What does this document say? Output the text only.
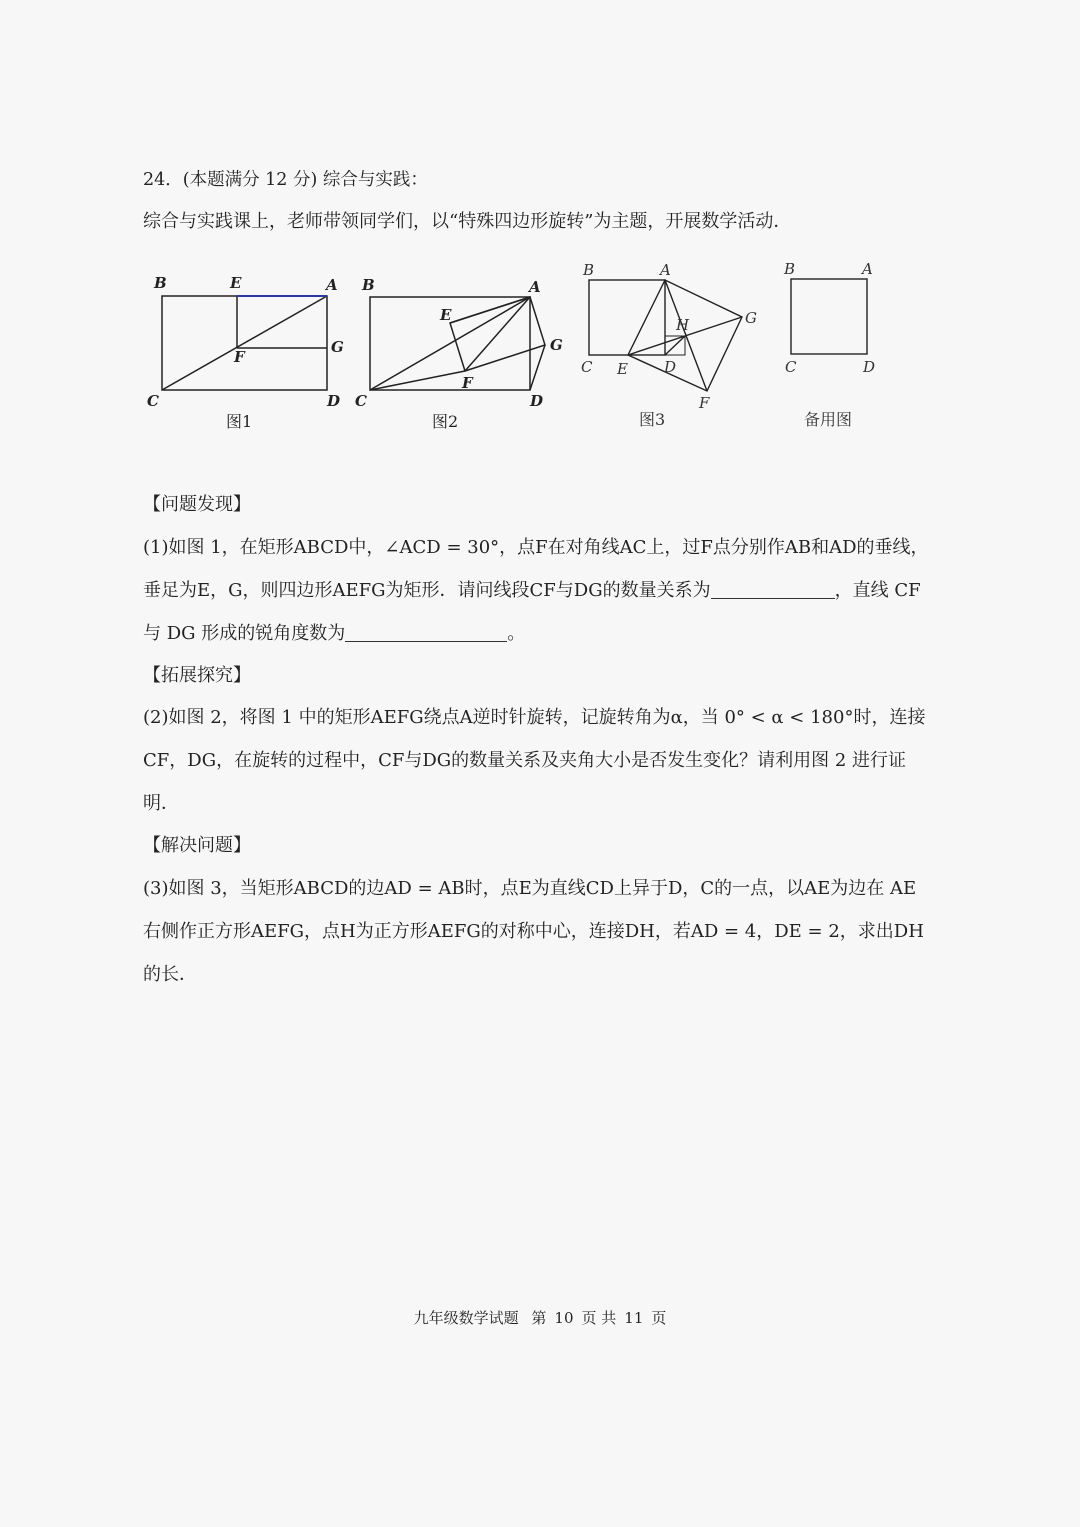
24．(本题满分 12 分) 综合与实践：
综合与实践课上，老师带领同学们，以“特殊四边形旋转”为主题，开展数学活动．
B	E	A
G
F
C	D
图1
B	A
E
G
F
C	D
图2
B	A
H	G
C E D
F
图3
B	A
C	D
备用图
【问题发现】
(1)如图 1，在矩形ABCD中，∠ACD = 30°，点F在对角线AC上，过F点分别作AB和AD的垂线，
垂足为E，G，则四边形AEFG为矩形．请问线段CF与DG的数量关系为	，直线 CF
与 DG 形成的锐角度数为	。
【拓展探究】
(2)如图 2，将图 1 中的矩形AEFG绕点A逆时针旋转，记旋转角为α，当 0° < α < 180°时，连接
CF，DG，在旋转的过程中，CF与DG的数量关系及夹角大小是否发生变化？请利用图 2 进行证
明．
【解决问题】
(3)如图 3，当矩形ABCD的边AD = AB时，点E为直线CD上异于D，C的一点，以AE为边在 AE
右侧作正方形AEFG，点H为正方形AEFG的对称中心，连接DH，若AD = 4，DE = 2，求出DH
的长．
九年级数学试题 第 10 页 共 11 页
